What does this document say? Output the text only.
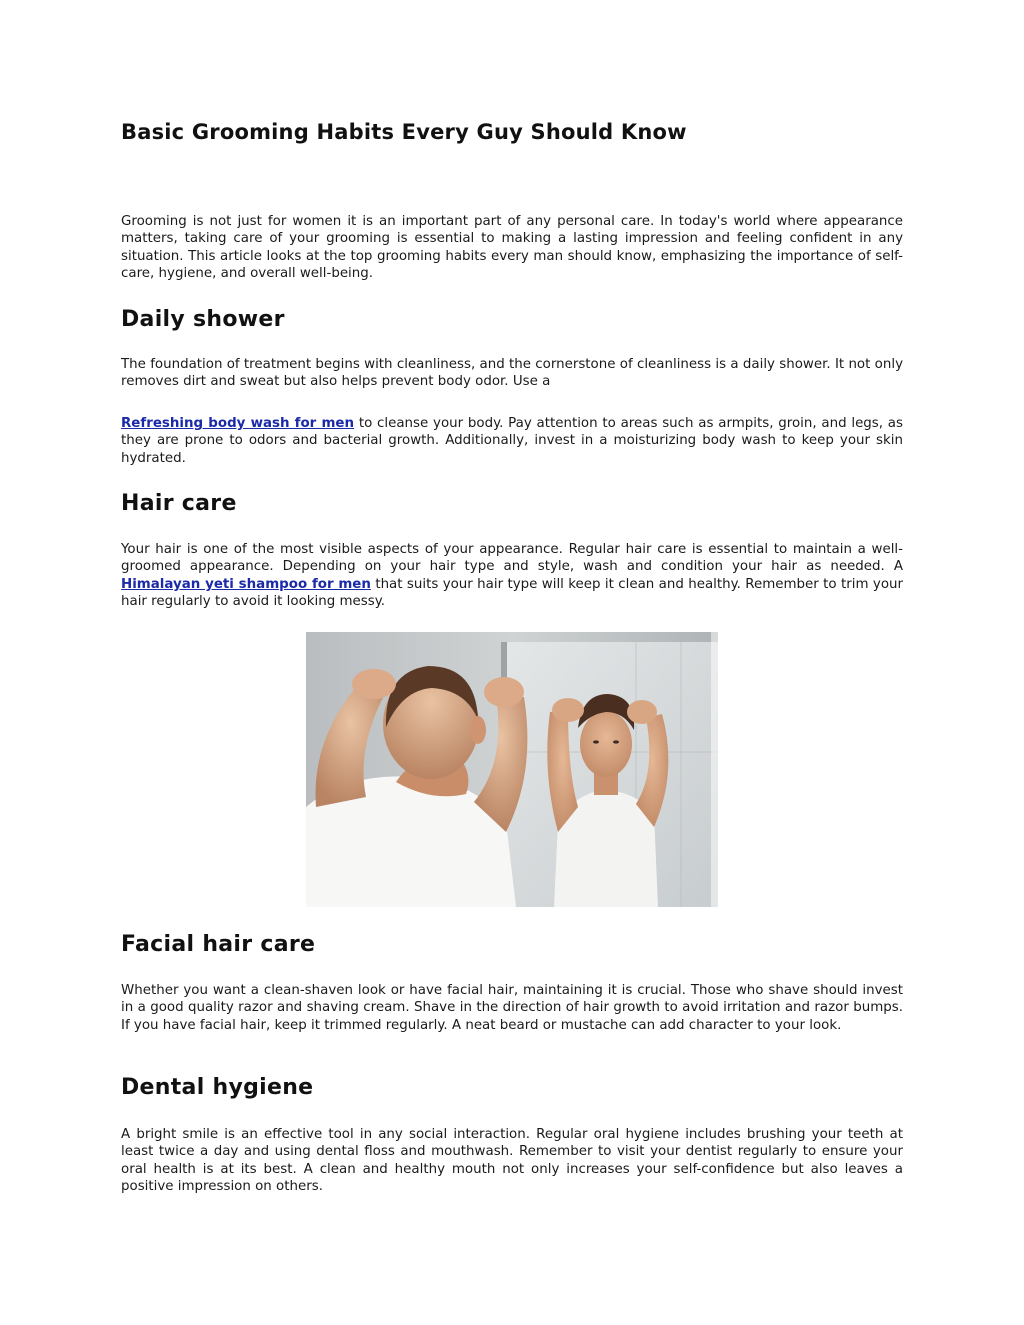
Basic Grooming Habits Every Guy Should Know

Grooming is not just for women it is an important part of any personal care. In today's world where appearance matters, taking care of your grooming is essential to making a lasting impression and feeling confident in any situation. This article looks at the top grooming habits every man should know, emphasizing the importance of self-care, hygiene, and overall well-being.

Daily shower

The foundation of treatment begins with cleanliness, and the cornerstone of cleanliness is a daily shower. It not only removes dirt and sweat but also helps prevent body odor. Use a

Refreshing body wash for men to cleanse your body. Pay attention to areas such as armpits, groin, and legs, as they are prone to odors and bacterial growth. Additionally, invest in a moisturizing body wash to keep your skin hydrated.

Hair care

Your hair is one of the most visible aspects of your appearance. Regular hair care is essential to maintain a well-groomed appearance. Depending on your hair type and style, wash and condition your hair as needed. A Himalayan yeti shampoo for men that suits your hair type will keep it clean and healthy. Remember to trim your hair regularly to avoid it looking messy.

Facial hair care

Whether you want a clean-shaven look or have facial hair, maintaining it is crucial. Those who shave should invest in a good quality razor and shaving cream. Shave in the direction of hair growth to avoid irritation and razor bumps. If you have facial hair, keep it trimmed regularly. A neat beard or mustache can add character to your look.

Dental hygiene

A bright smile is an effective tool in any social interaction. Regular oral hygiene includes brushing your teeth at least twice a day and using dental floss and mouthwash. Remember to visit your dentist regularly to ensure your oral health is at its best. A clean and healthy mouth not only increases your self-confidence but also leaves a positive impression on others.
